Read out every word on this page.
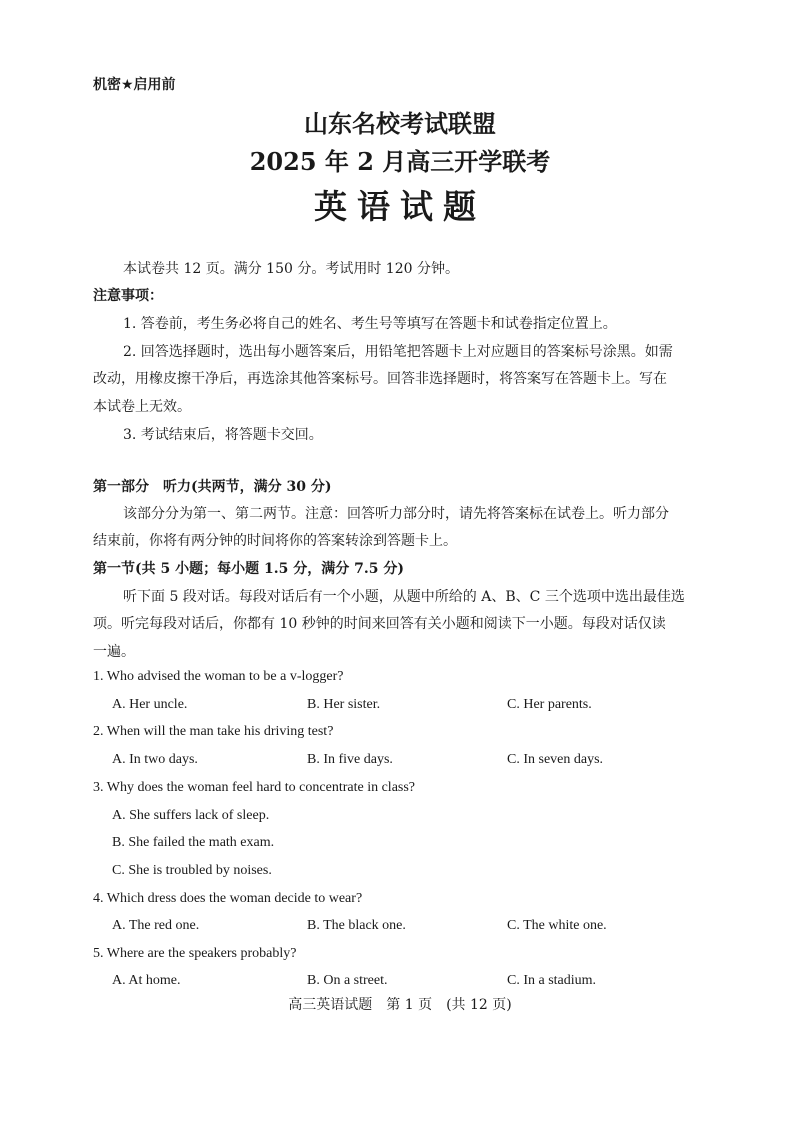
机密★启用前
山东名校考试联盟
2025 年 2 月高三开学联考
英语试题
本试卷共 12 页。满分 150 分。考试用时 120 分钟。
注意事项：
1. 答卷前，考生务必将自己的姓名、考生号等填写在答题卡和试卷指定位置上。
2. 回答选择题时，选出每小题答案后，用铅笔把答题卡上对应题目的答案标号涂黑。如需
改动，用橡皮擦干净后，再选涂其他答案标号。回答非选择题时，将答案写在答题卡上。写在
本试卷上无效。
3. 考试结束后，将答题卡交回。
第一部分　听力(共两节，满分 30 分)
该部分分为第一、第二两节。注意：回答听力部分时，请先将答案标在试卷上。听力部分
结束前，你将有两分钟的时间将你的答案转涂到答题卡上。
第一节(共 5 小题；每小题 1.5 分，满分 7.5 分)
听下面 5 段对话。每段对话后有一个小题，从题中所给的 A、B、C 三个选项中选出最佳选
项。听完每段对话后，你都有 10 秒钟的时间来回答有关小题和阅读下一小题。每段对话仅读
一遍。
1. Who advised the woman to be a v-logger?
A. Her uncle.	B. Her sister.	C. Her parents.
2. When will the man take his driving test?
A. In two days.	B. In five days.	C. In seven days.
3. Why does the woman feel hard to concentrate in class?
A. She suffers lack of sleep.
B. She failed the math exam.
C. She is troubled by noises.
4. Which dress does the woman decide to wear?
A. The red one.	B. The black one.	C. The white one.
5. Where are the speakers probably?
A. At home.	B. On a street.	C. In a stadium.
高三英语试题　第 1 页　(共 12 页)
